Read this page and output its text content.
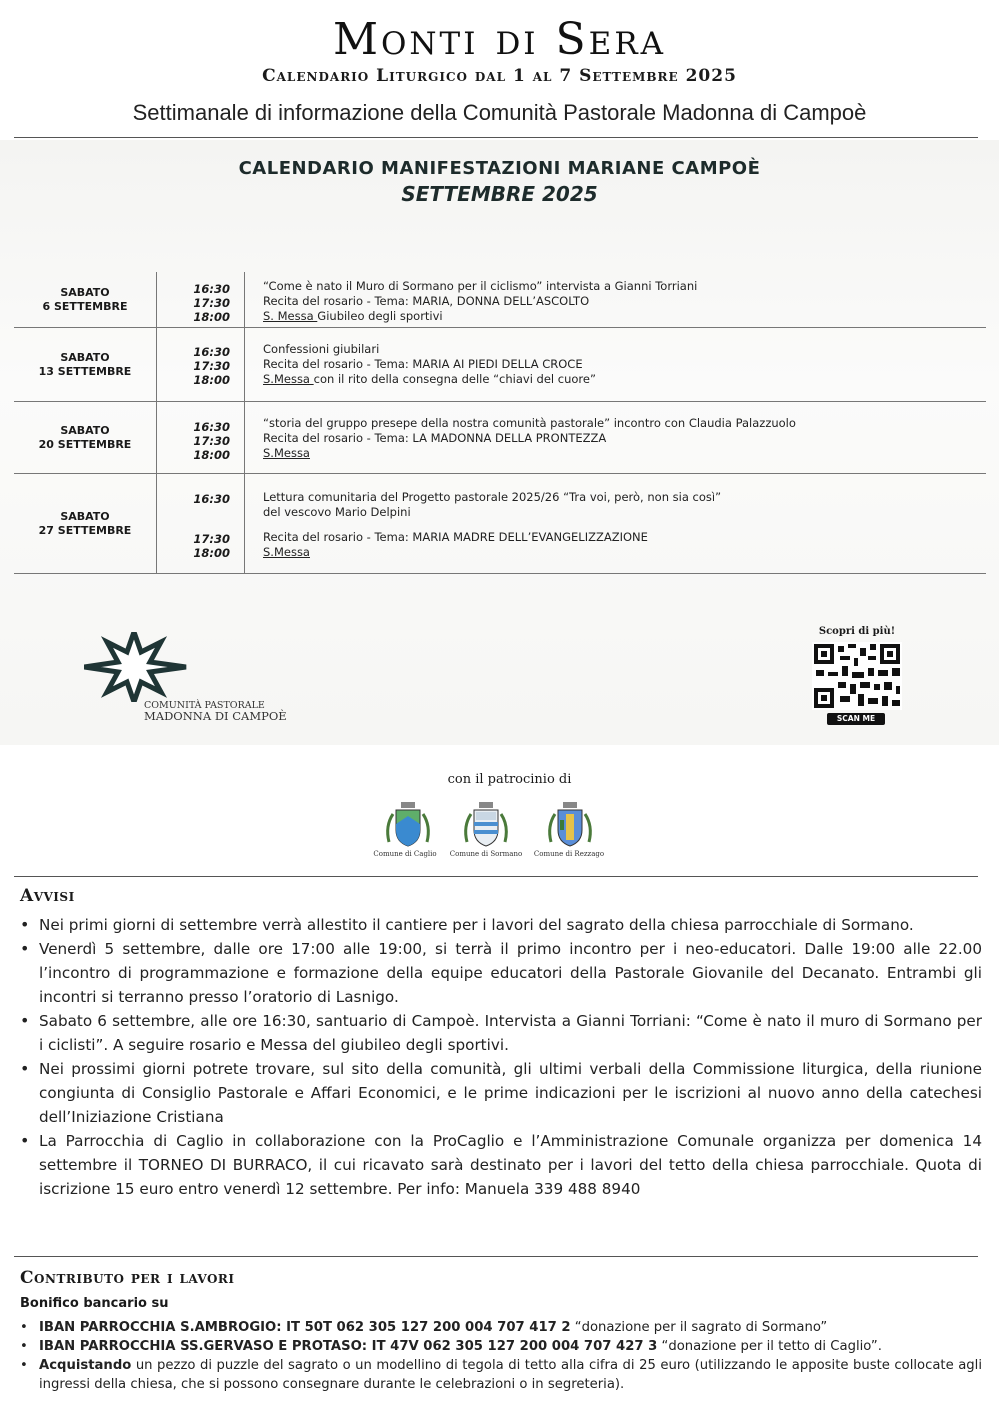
Monti di Sera
Calendario Liturgico dal 1 al 7 Settembre 2025
Settimanale di informazione della Comunità Pastorale Madonna di Campoè
CALENDARIO MANIFESTAZIONI MARIANE CAMPOÈ
SETTEMBRE 2025
SABATO
6 SETTEMBRE
16:30
17:30
18:00
“Come è nato il Muro di Sormano per il ciclismo” intervista a Gianni Torriani
Recita del rosario - Tema: MARIA, DONNA DELL’ASCOLTO
S. Messa Giubileo degli sportivi
SABATO
13 SETTEMBRE
16:30
17:30
18:00
Confessioni giubilari
Recita del rosario - Tema: MARIA AI PIEDI DELLA CROCE
S.Messa con il rito della consegna delle “chiavi del cuore”
SABATO
20 SETTEMBRE
16:30
17:30
18:00
“storia del gruppo presepe della nostra comunità pastorale” incontro con Claudia Palazzuolo
Recita del rosario - Tema: LA MADONNA DELLA PRONTEZZA
S.Messa
SABATO
27 SETTEMBRE
16:30
17:30
18:00
Lettura comunitaria del Progetto pastorale 2025/26 “Tra voi, però, non sia così”
del vescovo Mario Delpini
Recita del rosario - Tema: MARIA MADRE DELL’EVANGELIZZAZIONE
S.Messa
COMUNITÀ PASTORALE
MADONNA DI CAMPOÈ
Scopri di più!
SCAN ME
con il patrocinio di
Comune di Caglio	Comune di Sormano	Comune di Rezzago
Avvisi
• Nei primi giorni di settembre verrà allestito il cantiere per i lavori del sagrato della chiesa parrocchiale di Sormano.
• Venerdì 5 settembre, dalle ore 17:00 alle 19:00, si terrà il primo incontro per i neo-educatori. Dalle 19:00 alle 22.00 l’incontro di programmazione e formazione della equipe educatori della Pastorale Giovanile del Decanato. Entrambi gli incontri si terranno presso l’oratorio di Lasnigo.
• Sabato 6 settembre, alle ore 16:30, santuario di Campoè. Intervista a Gianni Torriani: “Come è nato il muro di Sormano per i ciclisti”. A seguire rosario e Messa del giubileo degli sportivi.
• Nei prossimi giorni potrete trovare, sul sito della comunità, gli ultimi verbali della Commissione liturgica, della riunione congiunta di Consiglio Pastorale e Affari Economici, e le prime indicazioni per le iscrizioni al nuovo anno della catechesi dell’Iniziazione Cristiana
• La Parrocchia di Caglio in collaborazione con la ProCaglio e l’Amministrazione Comunale organizza per domenica 14 settembre il TORNEO DI BURRACO, il cui ricavato sarà destinato per i lavori del tetto della chiesa parrocchiale. Quota di iscrizione 15 euro entro venerdì 12 settembre. Per info: Manuela 339 488 8940
Contributo per i lavori
Bonifico bancario su
• IBAN PARROCCHIA S.AMBROGIO: IT 50T 062 305 127 200 004 707 417 2 “donazione per il sagrato di Sormano”
• IBAN PARROCCHIA SS.GERVASO E PROTASO: IT 47V 062 305 127 200 004 707 427 3 “donazione per il tetto di Caglio”.
• Acquistando un pezzo di puzzle del sagrato o un modellino di tegola di tetto alla cifra di 25 euro (utilizzando le apposite buste collocate agli ingressi della chiesa, che si possono consegnare durante le celebrazioni o in segreteria).
